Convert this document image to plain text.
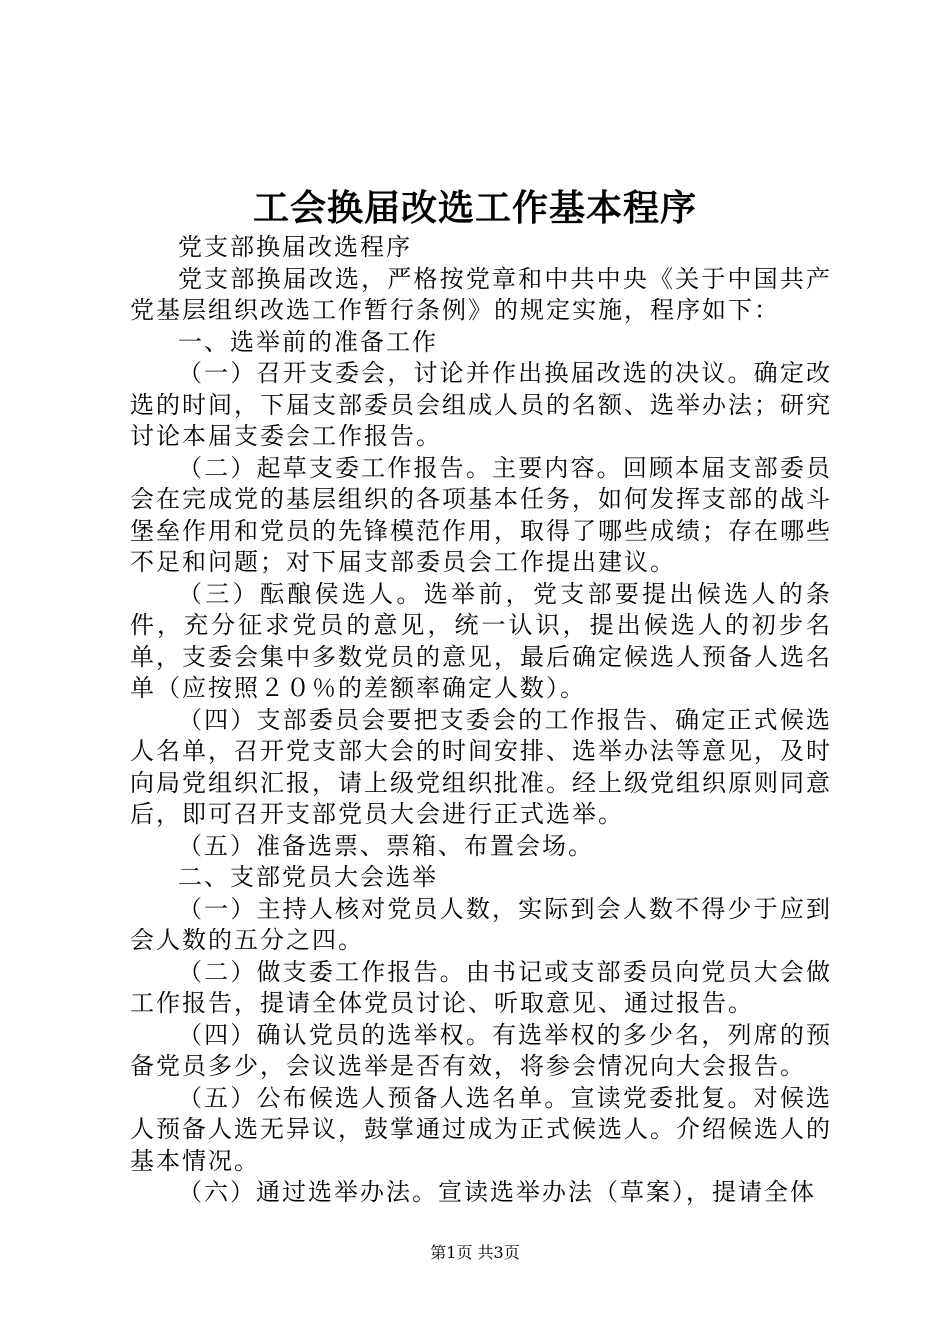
工会换届改选工作基本程序

党支部换届改选程序

党支部换届改选，严格按党章和中共中央《关于中国共产党基层组织改选工作暂行条例》的规定实施，程序如下：

一、选举前的准备工作

（一）召开支委会，讨论并作出换届改选的决议。确定改选的时间，下届支部委员会组成人员的名额、选举办法；研究讨论本届支委会工作报告。

（二）起草支委工作报告。主要内容。回顾本届支部委员会在完成党的基层组织的各项基本任务，如何发挥支部的战斗堡垒作用和党员的先锋模范作用，取得了哪些成绩；存在哪些不足和问题；对下届支部委员会工作提出建议。

（三）酝酿侯选人。选举前，党支部要提出候选人的条件，充分征求党员的意见，统一认识，提出候选人的初步名单，支委会集中多数党员的意见，最后确定候选人预备人选名单（应按照２０％的差额率确定人数）。

（四）支部委员会要把支委会的工作报告、确定正式候选人名单，召开党支部大会的时间安排、选举办法等意见，及时向局党组织汇报，请上级党组织批准。经上级党组织原则同意后，即可召开支部党员大会进行正式选举。

（五）准备选票、票箱、布置会场。

二、支部党员大会选举

（一）主持人核对党员人数，实际到会人数不得少于应到会人数的五分之四。

（二）做支委工作报告。由书记或支部委员向党员大会做工作报告，提请全体党员讨论、听取意见、通过报告。

（四）确认党员的选举权。有选举权的多少名，列席的预备党员多少，会议选举是否有效，将参会情况向大会报告。

（五）公布候选人预备人选名单。宣读党委批复。对候选人预备人选无异议，鼓掌通过成为正式候选人。介绍候选人的基本情况。

（六）通过选举办法。宣读选举办法（草案），提请全体

第1页 共3页
